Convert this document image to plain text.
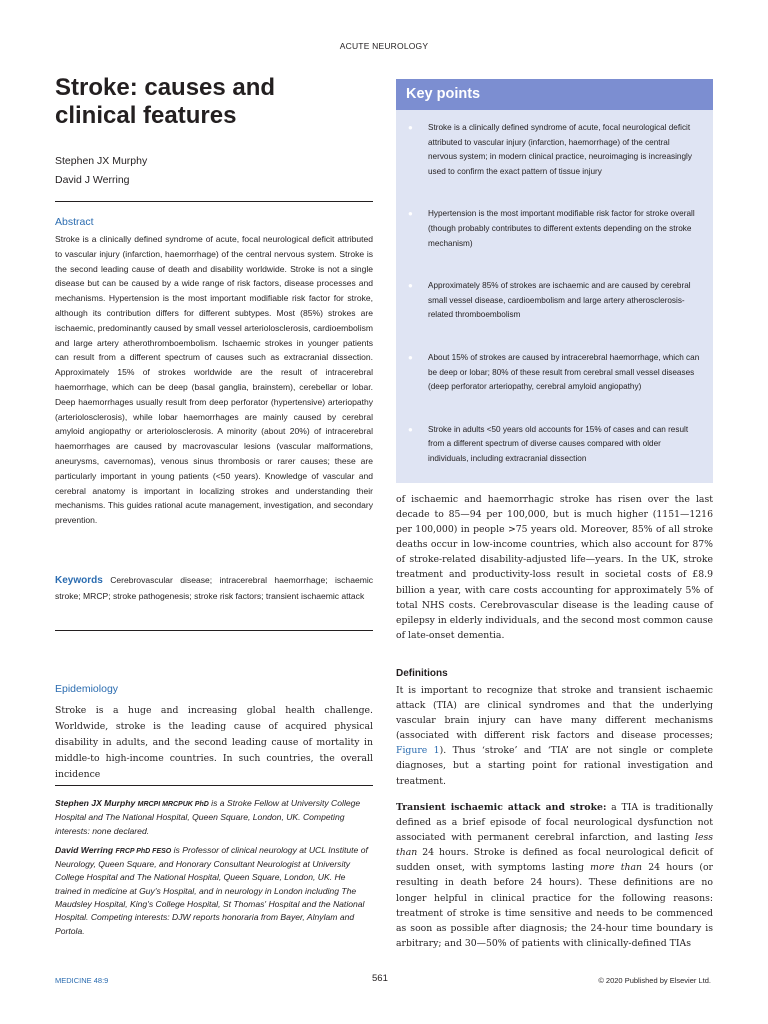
ACUTE NEUROLOGY
Stroke: causes and clinical features
Stephen JX Murphy
David J Werring
Abstract

Stroke is a clinically defined syndrome of acute, focal neurological deficit attributed to vascular injury (infarction, haemorrhage) of the central nervous system. Stroke is the second leading cause of death and disability worldwide. Stroke is not a single disease but can be caused by a wide range of risk factors, disease processes and mechanisms. Hypertension is the most important modifiable risk factor for stroke, although its contribution differs for different subtypes. Most (85%) strokes are ischaemic, predominantly caused by small vessel arteriolosclerosis, cardioembolism and large artery atherothromboembolism. Ischaemic strokes in younger patients can result from a different spectrum of causes such as extracranial dissection. Approximately 15% of strokes worldwide are the result of intracerebral haemorrhage, which can be deep (basal ganglia, brainstem), cerebellar or lobar. Deep haemorrhages usually result from deep perforator (hypertensive) arteriopathy (arteriolosclerosis), while lobar haemorrhages are mainly caused by cerebral amyloid angiopathy or arteriolosclerosis. A minority (about 20%) of intracerebral haemorrhages are caused by macrovascular lesions (vascular malformations, aneurysms, cavernomas), venous sinus thrombosis or rarer causes; these are particularly important in young patients (<50 years). Knowledge of vascular and cerebral anatomy is important in localizing strokes and understanding their mechanisms. This guides rational acute management, investigation, and secondary prevention.

Keywords Cerebrovascular disease; intracerebral haemorrhage; ischaemic stroke; MRCP; stroke pathogenesis; stroke risk factors; transient ischaemic attack

Epidemiology

Stroke is a huge and increasing global health challenge. Worldwide, stroke is the leading cause of acquired physical disability in adults, and the second leading cause of mortality in middle-to high-income countries. In such countries, the overall incidence

Stephen JX Murphy MRCPI MRCPUK PhD is a Stroke Fellow at University College Hospital and The National Hospital, Queen Square, London, UK. Competing interests: none declared.

David Werring FRCP PhD FESO is Professor of clinical neurology at UCL Institute of Neurology, Queen Square, and Honorary Consultant Neurologist at University College Hospital and The National Hospital, Queen Square, London, UK. He trained in medicine at Guy's Hospital, and in neurology in London including The Maudsley Hospital, King's College Hospital, St Thomas' Hospital and the National Hospital. Competing interests: DJW reports honoraria from Bayer, Alnylam and Portola.

MEDICINE 48:9	561	© 2020 Published by Elsevier Ltd.
Key points
● Stroke is a clinically defined syndrome of acute, focal neurological deficit attributed to vascular injury (infarction, haemorrhage) of the central nervous system; in modern clinical practice, neuroimaging is increasingly used to confirm the exact pattern of tissue injury
● Hypertension is the most important modifiable risk factor for stroke overall (though probably contributes to different extents depending on the stroke mechanism)
● Approximately 85% of strokes are ischaemic and are caused by cerebral small vessel disease, cardioembolism and large artery atherosclerosis-related thromboembolism
● About 15% of strokes are caused by intracerebral haemorrhage, which can be deep or lobar; 80% of these result from cerebral small vessel diseases (deep perforator arteriopathy, cerebral amyloid angiopathy)
● Stroke in adults <50 years old accounts for 15% of cases and can result from a different spectrum of diverse causes compared with older individuals, including extracranial dissection

of ischaemic and haemorrhagic stroke has risen over the last decade to 85—94 per 100,000, but is much higher (1151—1216 per 100,000) in people >75 years old. Moreover, 85% of all stroke deaths occur in low-income countries, which also account for 87% of stroke-related disability-adjusted life—years. In the UK, stroke treatment and productivity-loss result in societal costs of £8.9 billion a year, with care costs accounting for approximately 5% of total NHS costs. Cerebrovascular disease is the leading cause of epilepsy in elderly individuals, and the second most common cause of late-onset dementia.

Definitions

It is important to recognize that stroke and transient ischaemic attack (TIA) are clinical syndromes and that the underlying vascular brain injury can have many different mechanisms (associated with different risk factors and disease processes; Figure 1). Thus ‘stroke’ and ‘TIA’ are not single or complete diagnoses, but a starting point for rational investigation and treatment.

Transient ischaemic attack and stroke: a TIA is traditionally defined as a brief episode of focal neurological dysfunction not associated with permanent cerebral infarction, and lasting less than 24 hours. Stroke is defined as focal neurological deficit of sudden onset, with symptoms lasting more than 24 hours (or resulting in death before 24 hours). These definitions are no longer helpful in clinical practice for the following reasons: treatment of stroke is time sensitive and needs to be commenced as soon as possible after diagnosis; the 24-hour time boundary is arbitrary; and 30—50% of patients with clinically-defined TIAs
